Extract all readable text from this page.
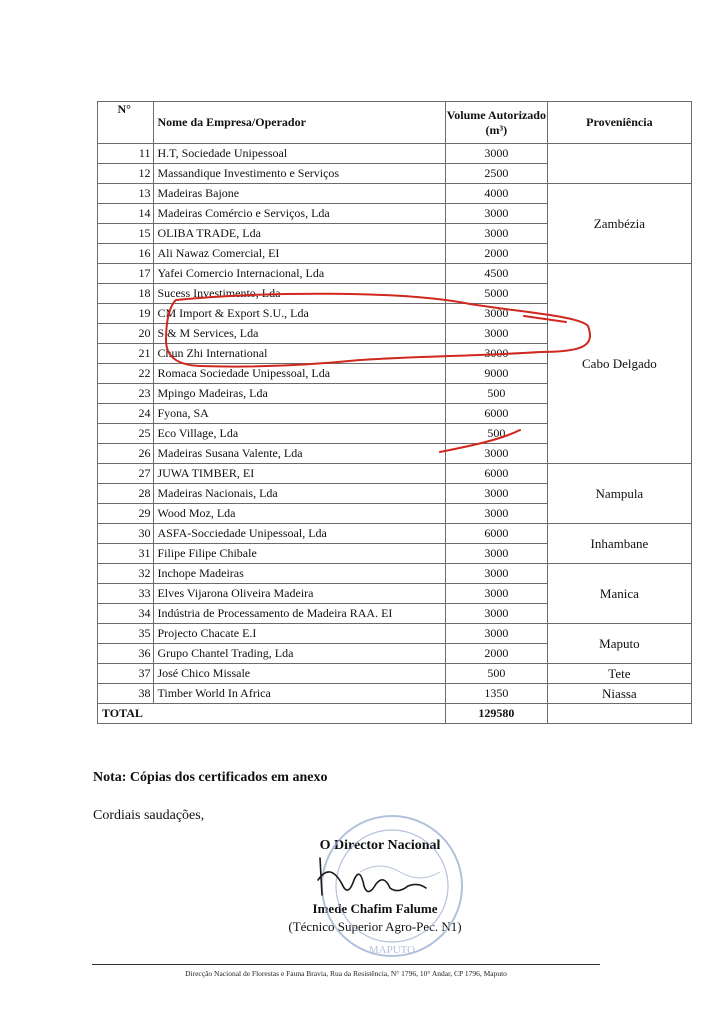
N°	Nome da Empresa/Operador	Volume Autorizado (m³)	Proveniência
11	H.T, Sociedade Unipessoal	3000	
12	Massandique Investimento e Serviços	2500	
13	Madeiras Bajone	4000	Zambézia
14	Madeiras Comércio e Serviços, Lda	3000	
15	OLIBA TRADE, Lda	3000	
16	Ali Nawaz Comercial, EI	2000	
17	Yafei Comercio Internacional, Lda	4500	Cabo Delgado
18	Sucess Investimento, Lda	5000	
19	CM Import & Export S.U., Lda	3000	
20	S & M Services, Lda	3000	
21	Chun Zhi International	3000	
22	Romaca Sociedade Unipessoal, Lda	9000	
23	Mpingo Madeiras, Lda	500	
24	Fyona, SA	6000	
25	Eco Village, Lda	500	
26	Madeiras Susana Valente, Lda	3000	
27	JUWA TIMBER, EI	6000	Nampula
28	Madeiras Nacionais, Lda	3000	
29	Wood Moz, Lda	3000	
30	ASFA-Socciedade Unipessoal, Lda	6000	Inhambane
31	Filipe Filipe Chibale	3000	
32	Inchope Madeiras	3000	Manica
33	Elves Vijarona Oliveira Madeira	3000	
34	Indústria de Processamento de Madeira RAA. EI	3000	
35	Projecto Chacate E.I	3000	Maputo
36	Grupo Chantel Trading, Lda	2000	
37	José Chico Missale	500	Tete
38	Timber World In Africa	1350	Niassa
TOTAL		129580	
Nota: Cópias dos certificados em anexo
Cordiais saudações,
O Director Nacional
Imede Chafim Falume
(Técnico Superior Agro-Pec. N1)
Direcção Nacional de Florestas e Fauna Bravia, Rua da Resistência, N° 1796, 10° Andar, CP 1796, Maputo
MAPUTO
